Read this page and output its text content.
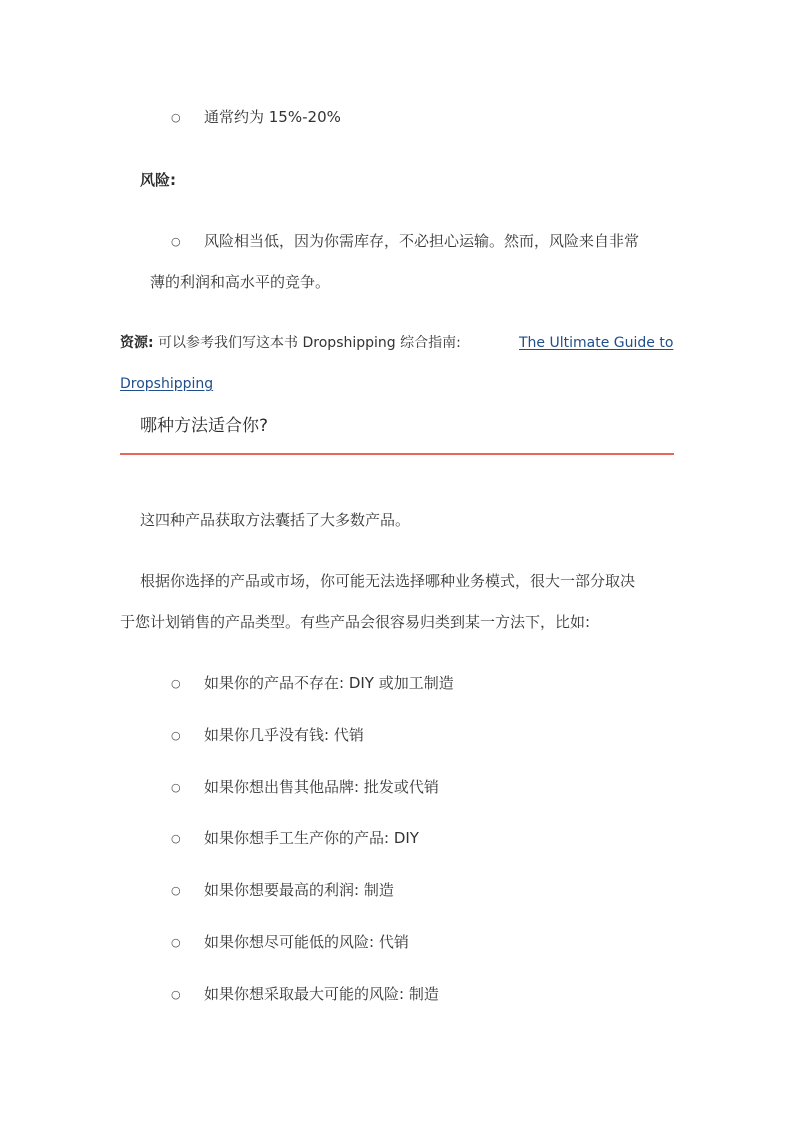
○ 通常约为 15%-20%
风险:
○ 风险相当低，因为你需库存，不必担心运输。然而，风险来自非常
薄的利润和高水平的竞争。
资源: 可以参考我们写这本书 Dropshipping 综合指南:	The Ultimate Guide to
Dropshipping
哪种方法适合你?
这四种产品获取方法囊括了大多数产品。
根据你选择的产品或市场，你可能无法选择哪种业务模式，很大一部分取决
于您计划销售的产品类型。有些产品会很容易归类到某一方法下，比如:
○ 如果你的产品不存在: DIY 或加工制造
○ 如果你几乎没有钱: 代销
○ 如果你想出售其他品牌: 批发或代销
○ 如果你想手工生产你的产品: DIY
○ 如果你想要最高的利润: 制造
○ 如果你想尽可能低的风险: 代销
○ 如果你想采取最大可能的风险: 制造
